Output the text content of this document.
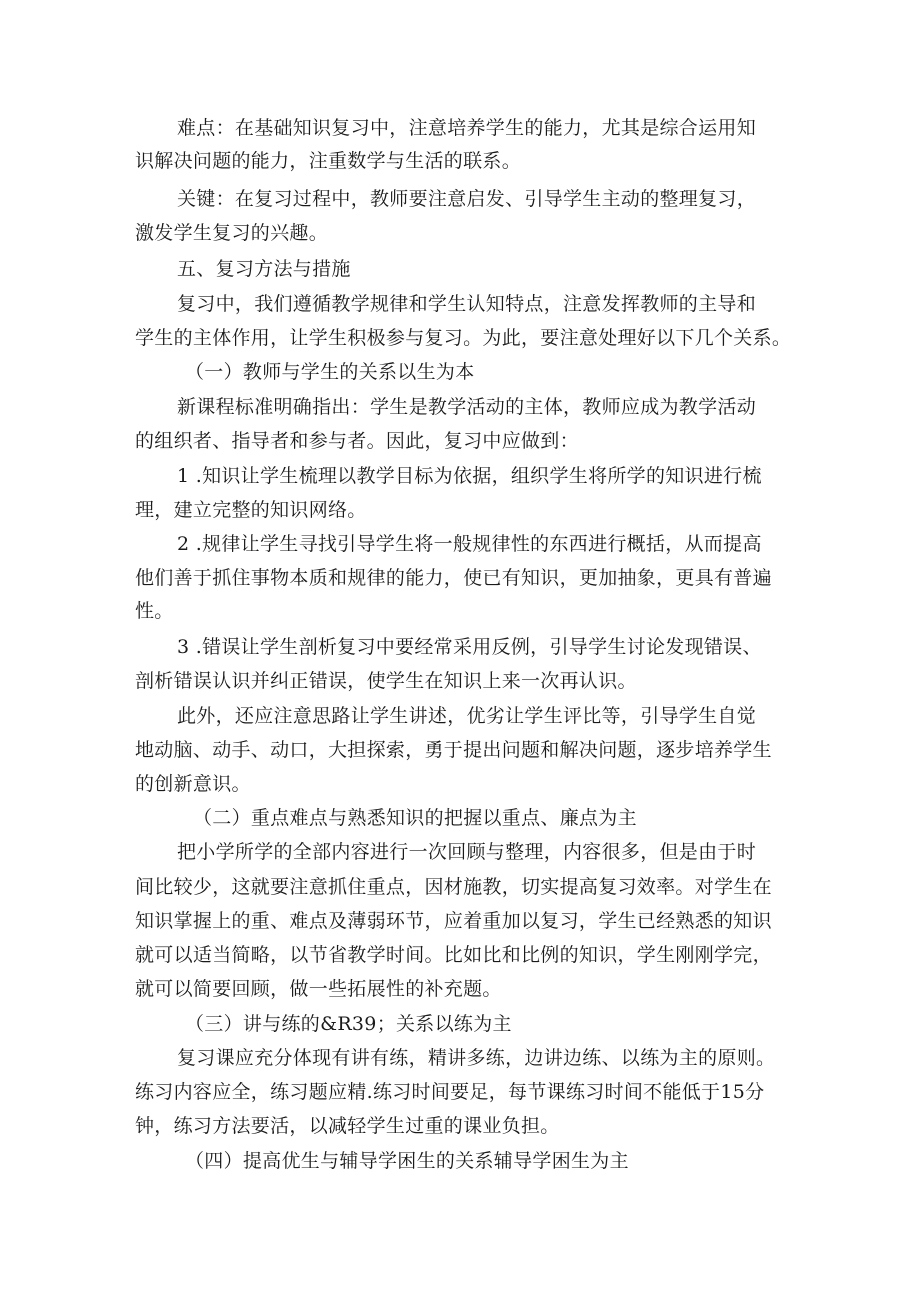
难点：在基础知识复习中，注意培养学生的能力，尤其是综合运用知
识解决问题的能力，注重数学与生活的联系。
关键：在复习过程中，教师要注意启发、引导学生主动的整理复习，
激发学生复习的兴趣。
五、复习方法与措施
复习中，我们遵循教学规律和学生认知特点，注意发挥教师的主导和
学生的主体作用，让学生积极参与复习。为此，要注意处理好以下几个关系。
（一）教师与学生的关系以生为本
新课程标准明确指出：学生是教学活动的主体，教师应成为教学活动
的组织者、指导者和参与者。因此，复习中应做到：
1 .知识让学生梳理以教学目标为依据，组织学生将所学的知识进行梳
理，建立完整的知识网络。
2 .规律让学生寻找引导学生将一般规律性的东西进行概括，从而提高
他们善于抓住事物本质和规律的能力，使已有知识，更加抽象，更具有普遍
性。
3 .错误让学生剖析复习中要经常采用反例，引导学生讨论发现错误、
剖析错误认识并纠正错误，使学生在知识上来一次再认识。
此外，还应注意思路让学生讲述，优劣让学生评比等，引导学生自觉
地动脑、动手、动口，大担探索，勇于提出问题和解决问题，逐步培养学生
的创新意识。
（二）重点难点与熟悉知识的把握以重点、廉点为主
把小学所学的全部内容进行一次回顾与整理，内容很多，但是由于时
间比较少，这就要注意抓住重点，因材施教，切实提高复习效率。对学生在
知识掌握上的重、难点及薄弱环节，应着重加以复习，学生已经熟悉的知识
就可以适当简略，以节省教学时间。比如比和比例的知识，学生刚刚学完，
就可以简要回顾，做一些拓展性的补充题。
（三）讲与练的&R39；关系以练为主
复习课应充分体现有讲有练，精讲多练，边讲边练、以练为主的原则。
练习内容应全，练习题应精.练习时间要足，每节课练习时间不能低于15分
钟，练习方法要活，以减轻学生过重的课业负担。
（四）提高优生与辅导学困生的关系辅导学困生为主
